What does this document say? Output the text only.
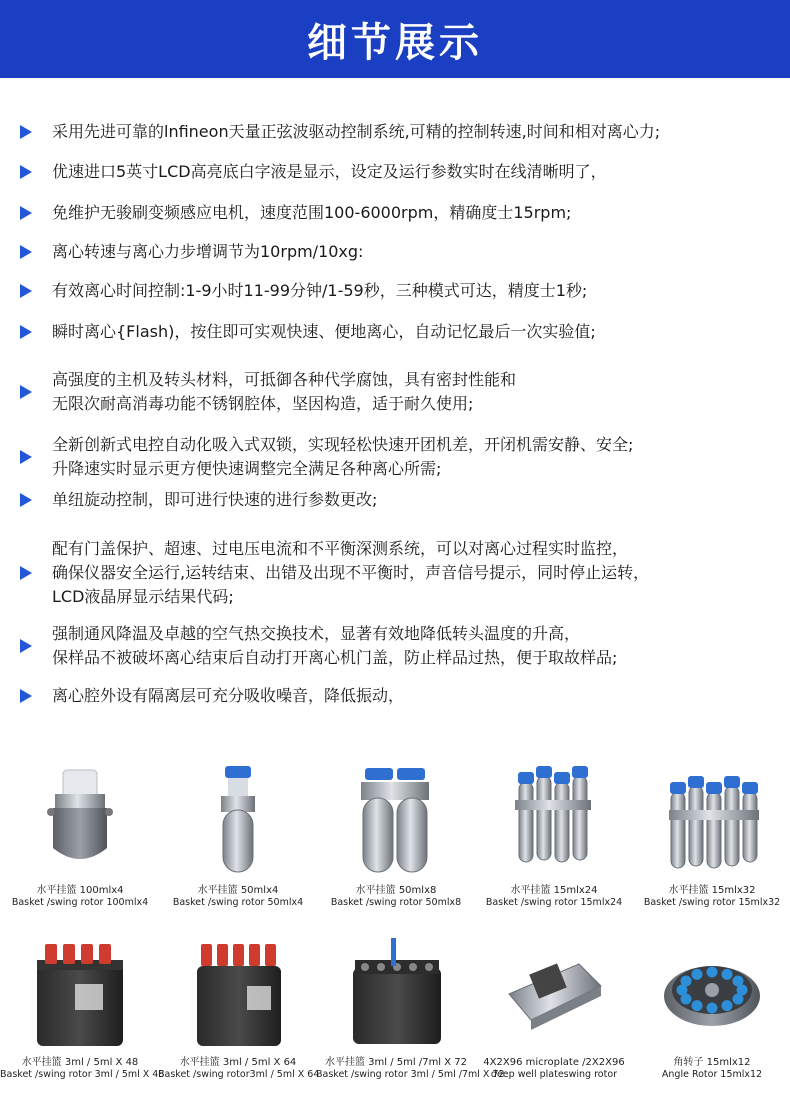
细节展示
采用先进可靠的lnfineon天量正弦波驱动控制系统,可精的控制转速,时间和相对离心力;
优速进口5英寸LCD高亮底白字液是显示，设定及运行参数实时在线清晰明了，
免维护无骏刷变频感应电机，速度范围100-6000rpm，精确度士15rpm;
离心转速与离心力步增调节为10rpm/10xg:
有效离心时间控制:1-9小时11-99分钟/1-59秒，三种模式可达，精度士1秒;
瞬时离心{Flash)，按住即可实观快速、便地离心，自动记忆最后一次实验值;
高强度的主机及转头材料，可抵御各种代学腐蚀，具有密封性能和
无限次耐高消毒功能不锈钢腔体，坚因构造，适于耐久使用;
全新创新式电控自动化吸入式双锁，实现轻松快速开团机差，开闭机需安静、安全;
升降速实时显示更方便快速调整完全满足各种离心所需;
单纽旋动控制，即可进行快速的进行参数更改;
配有门盖保护、超速、过电压电流和不平衡深测系统，可以对离心过程实时监控，
确保仪器安全运行,运转结束、出错及出现不平衡时，声音信号提示，同时停止运转，
LCD液晶屏显示结果代码;
强制通风降温及卓越的空气热交换技术，显著有效地降低转头温度的升高，
保样品不被破坏离心结束后自动打开离心机门盖，防止样品过热，便于取故样品;
离心腔外设有隔离层可充分吸收噪音，降低振动，
水平挂篮 100mlx4
Basket /swing rotor 100mlx4
水平挂篮 50mlx4
Basket /swing rotor 50mlx4
水平挂篮 50mlx8
Basket /swing rotor 50mlx8
水平挂篮 15mlx24
Basket /swing rotor 15mlx24
水平挂篮 15mlx32
Basket /swing rotor 15mlx32
水平挂篮 3ml / 5ml X 48
Basket /swing rotor 3ml / 5ml X 48
水平挂篮 3ml / 5ml X 64
Basket /swing rotor3ml / 5ml X 64
水平挂篮 3ml / 5ml /7ml X 72
Basket /swing rotor 3ml / 5ml /7ml X 72
4X2X96 microplate /2X2X96
deep well plateswing rotor
角转子 15mlx12
Angle Rotor 15mlx12
